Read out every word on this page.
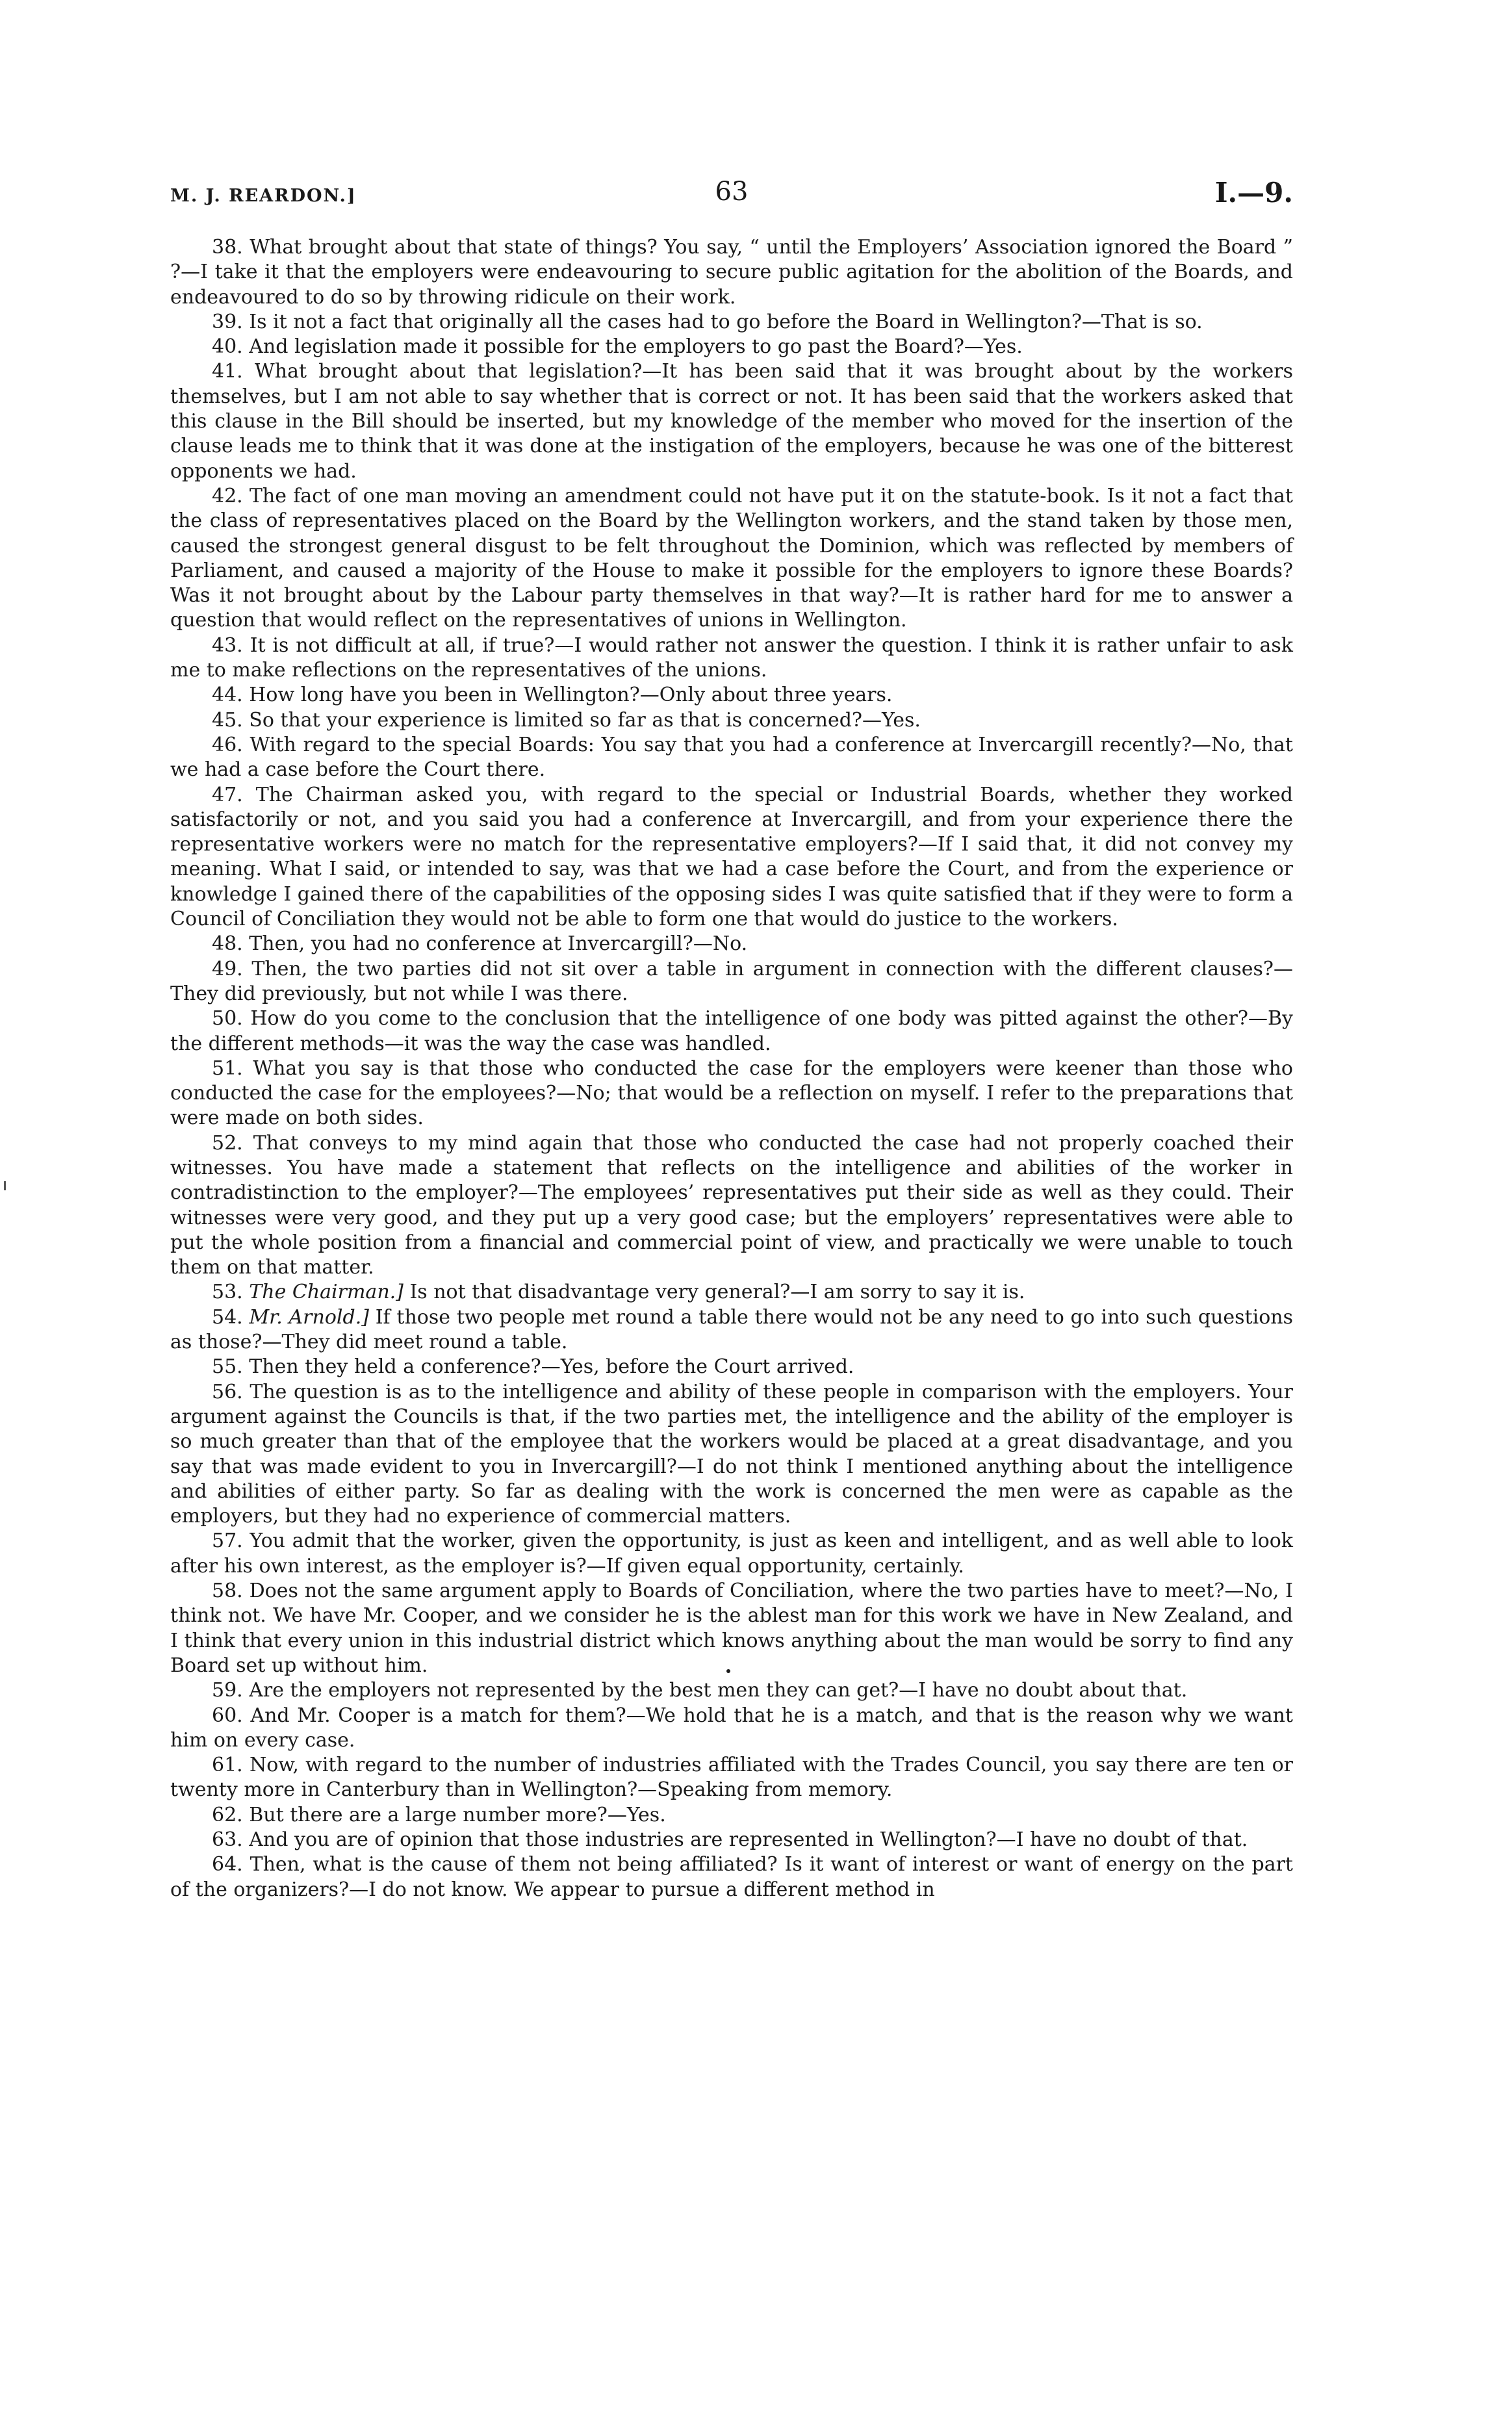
M. J. REARDON.]	63	I.—9.

38. What brought about that state of things? You say, “ until the Employers’ Association ignored the Board ” ?—I take it that the employers were endeavouring to secure public agitation for the abolition of the Boards, and endeavoured to do so by throwing ridicule on their work.

39. Is it not a fact that originally all the cases had to go before the Board in Wellington?—That is so.

40. And legislation made it possible for the employers to go past the Board?—Yes.

41. What brought about that legislation?—It has been said that it was brought about by the workers themselves, but I am not able to say whether that is correct or not. It has been said that the workers asked that this clause in the Bill should be inserted, but my knowledge of the member who moved for the insertion of the clause leads me to think that it was done at the instigation of the employers, because he was one of the bitterest opponents we had.

42. The fact of one man moving an amendment could not have put it on the statute-book. Is it not a fact that the class of representatives placed on the Board by the Wellington workers, and the stand taken by those men, caused the strongest general disgust to be felt throughout the Dominion, which was reflected by members of Parliament, and caused a majority of the House to make it possible for the employers to ignore these Boards? Was it not brought about by the Labour party themselves in that way?—It is rather hard for me to answer a question that would reflect on the representatives of unions in Wellington.

43. It is not difficult at all, if true?—I would rather not answer the question. I think it is rather unfair to ask me to make reflections on the representatives of the unions.

44. How long have you been in Wellington?—Only about three years.

45. So that your experience is limited so far as that is concerned?—Yes.

46. With regard to the special Boards: You say that you had a conference at Invercargill recently?—No, that we had a case before the Court there.

47. The Chairman asked you, with regard to the special or Industrial Boards, whether they worked satisfactorily or not, and you said you had a conference at Invercargill, and from your experience there the representative workers were no match for the representative employers?—If I said that, it did not convey my meaning. What I said, or intended to say, was that we had a case before the Court, and from the experience or knowledge I gained there of the capabilities of the opposing sides I was quite satisfied that if they were to form a Council of Conciliation they would not be able to form one that would do justice to the workers.

48. Then, you had no conference at Invercargill?—No.

49. Then, the two parties did not sit over a table in argument in connection with the different clauses?—They did previously, but not while I was there.

50. How do you come to the conclusion that the intelligence of one body was pitted against the other?—By the different methods—it was the way the case was handled.

51. What you say is that those who conducted the case for the employers were keener than those who conducted the case for the employees?—No; that would be a reflection on myself. I refer to the preparations that were made on both sides.

52. That conveys to my mind again that those who conducted the case had not properly coached their witnesses. You have made a statement that reflects on the intelligence and abilities of the worker in contradistinction to the employer?—The employees’ representatives put their side as well as they could. Their witnesses were very good, and they put up a very good case; but the employers’ representatives were able to put the whole position from a financial and commercial point of view, and practically we were unable to touch them on that matter.

53. The Chairman.] Is not that disadvantage very general?—I am sorry to say it is.

54. Mr. Arnold.] If those two people met round a table there would not be any need to go into such questions as those?—They did meet round a table.

55. Then they held a conference?—Yes, before the Court arrived.

56. The question is as to the intelligence and ability of these people in comparison with the employers. Your argument against the Councils is that, if the two parties met, the intelligence and the ability of the employer is so much greater than that of the employee that the workers would be placed at a great disadvantage, and you say that was made evident to you in Invercargill?—I do not think I mentioned anything about the intelligence and abilities of either party. So far as dealing with the work is concerned the men were as capable as the employers, but they had no experience of commercial matters.

57. You admit that the worker, given the opportunity, is just as keen and intelligent, and as well able to look after his own interest, as the employer is?—If given equal opportunity, certainly.

58. Does not the same argument apply to Boards of Conciliation, where the two parties have to meet?—No, I think not. We have Mr. Cooper, and we consider he is the ablest man for this work we have in New Zealand, and I think that every union in this industrial district which knows anything about the man would be sorry to find any Board set up without him.

59. Are the employers not represented by the best men they can get?—I have no doubt about that.

60. And Mr. Cooper is a match for them?—We hold that he is a match, and that is the reason why we want him on every case.

61. Now, with regard to the number of industries affiliated with the Trades Council, you say there are ten or twenty more in Canterbury than in Wellington?—Speaking from memory.

62. But there are a large number more?—Yes.

63. And you are of opinion that those industries are represented in Wellington?—I have no doubt of that.

64. Then, what is the cause of them not being affiliated? Is it want of interest or want of energy on the part of the organizers?—I do not know. We appear to pursue a different method in
